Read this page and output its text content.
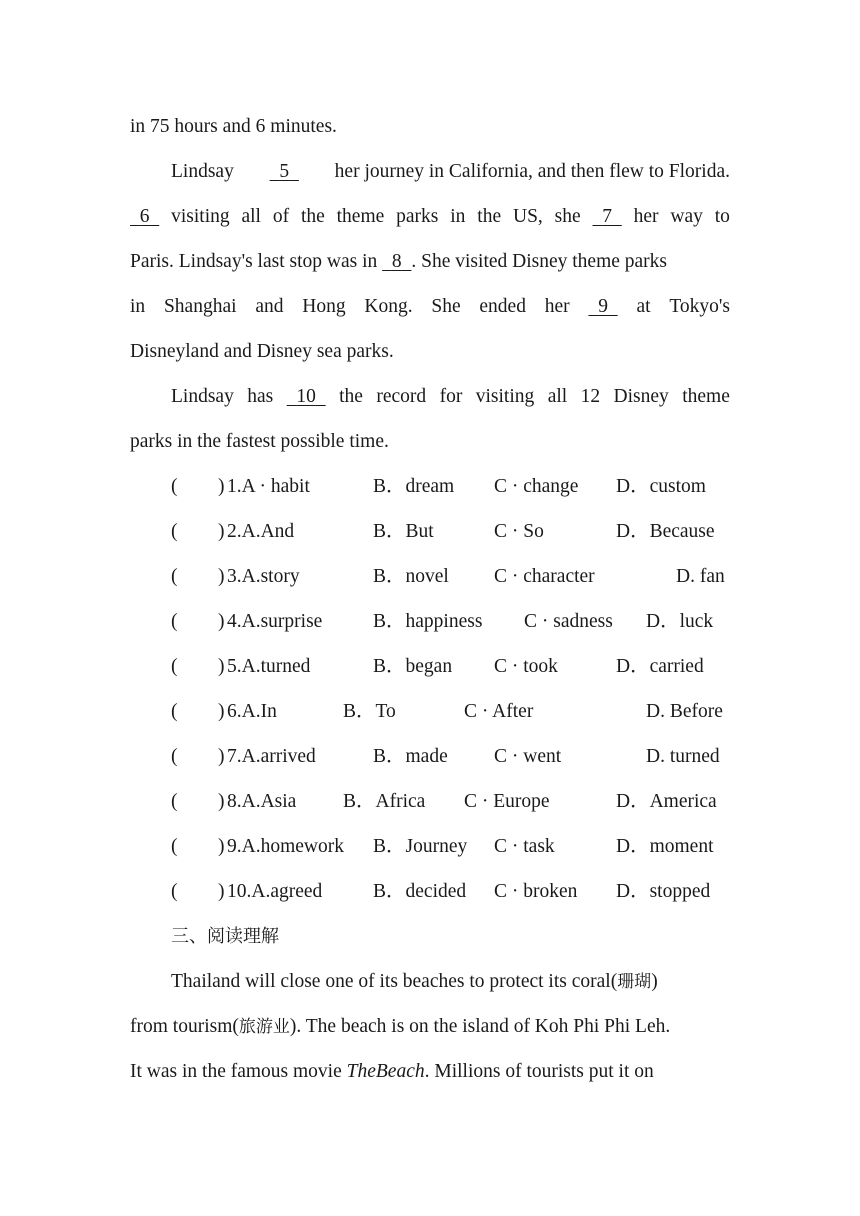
in 75 hours and 6 minutes.
Lindsay	5	her journey in California, and then flew to Florida.
6	visiting all of the theme parks in the US, she	7	her way to
Paris. Lindsay's last stop was in 8 . She visited Disney theme parks
in Shanghai and Hong Kong. She ended her	9	at Tokyo's
Disneyland and Disney sea parks.
Lindsay has	10	the record for visiting all 12 Disney theme
parks in the fastest possible time.
( ) 1.A · habit	B．dream C · change D．custom
( ) 2.A.And	B．But	C · So	D．Because
( ) 3.A.story	B．novel C · character	D. fan
( ) 4.A.surprise	B．happiness C · sadness D．luck
( ) 5.A.turned	B．began C · took	D．carried
( ) 6.A.In	B．To	C · After	D. Before
( ) 7.A.arrived	B．made C · went	D. turned
( ) 8.A.Asia B．Africa C · Europe	D．America
( ) 9.A.homework B．Journey C · task	D．moment
( ) 10.A.agreed	B．decided C · broken D．stopped
三、阅读理解
Thailand will close one of its beaches to protect its coral(珊瑚)
from tourism(旅游业). The beach is on the island of Koh Phi Phi Leh.
It was in the famous movie TheBeach. Millions of tourists put it on
